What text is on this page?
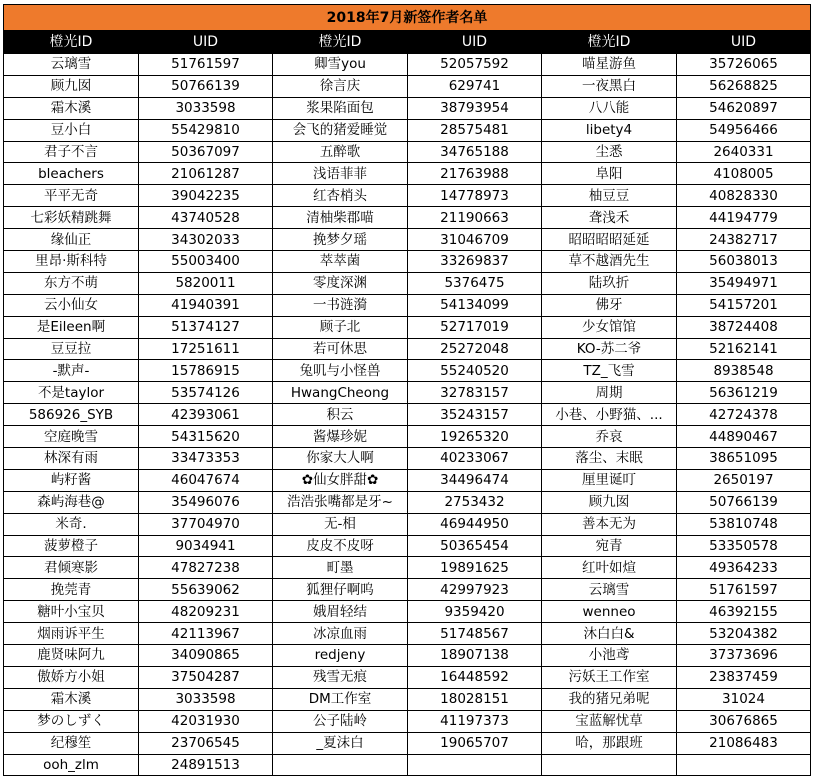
2018年7月新签作者名单					
橙光ID	UID	橙光ID	UID	橙光ID	UID
云璃雪	51761597	卿雪you	52057592	喵星游鱼	35726065
顾九囡	50766139	徐言庆	629741	一夜黑白	56268825
霜木溪	3033598	浆果陷面包	38793954	八八能	54620897
豆小白	55429810	会飞的猪爱睡觉	28575481	libety4	54956466
君子不言	50367097	五醉歌	34765188	尘悉	2640331
bleachers	21061287	浅语菲菲	21763988	阜阳	4108005
平平无奇	39042235	红杏梢头	14778973	柚豆豆	40828330
七彩妖精跳舞	43740528	清柚柴郡喵	21190663	聋浅禾	44194779
缘仙正	34302033	挽梦夕瑶	31046709	昭昭昭昭延延	24382717
里昂·斯科特	55003400	萃萃菌	33269837	草不越酒先生	56038013
东方不萌	5820011	零度深渊	5376475	陆玖折	35494971
云小仙女	41940391	一书涟漪	54134099	佛牙	54157201
是Eileen啊	51374127	顾子北	52717019	少女馆馆	38724408
豆豆拉	17251611	若可休思	25272048	KO-苏二爷	52162141
-默声-	15786915	兔叽与小怪兽	55240520	TZ_飞雪	8938548
不是taylor	53574126	HwangCheong	32783157	周期	56361219
586926_SYB	42393061	积云	35243157	小巷、小野猫、...	42724378
空庭晚雪	54315620	酱爆珍妮	19265320	乔哀	44890467
林深有雨	33473353	你家大人啊	40233067	落尘、末眠	38651095
屿籽酱	46047674	✿仙女胖甜✿	34496474	厘里诞叮	2650197
森屿海巷@	35496076	浩浩张嘴都是牙~	2753432	顾九囡	50766139
米奇.	37704970	无-相	46944950	善本无为	53810748
菠萝橙子	9034941	皮皮不皮呀	50365454	宛青	53350578
君倾寒影	47827238	町墨	19891625	红叶如煊	49364233
挽莞青	55639062	狐狸仔啊呜	42997923	云璃雪	51761597
糖叶小宝贝	48209231	娥眉轻结	9359420	wenneo	46392155
烟雨诉平生	42113967	冰凉血雨	51748567	沐白白&	53204382
鹿贤味阿九	34090865	redjeny	18907138	小池鸢	37373696
傲娇方小姐	37504287	残雪无痕	16448592	污妖王工作室	23837459
霜木溪	3033598	DM工作室	18028151	我的猪兄弟呢	31024
梦のしずく	42031930	公子陆岭	41197373	宝蓝解忧草	30676865
纪穆笙	23706545	_夏沫白	19065707	哈，那跟班	21086483
ooh_zlm	24891513				
